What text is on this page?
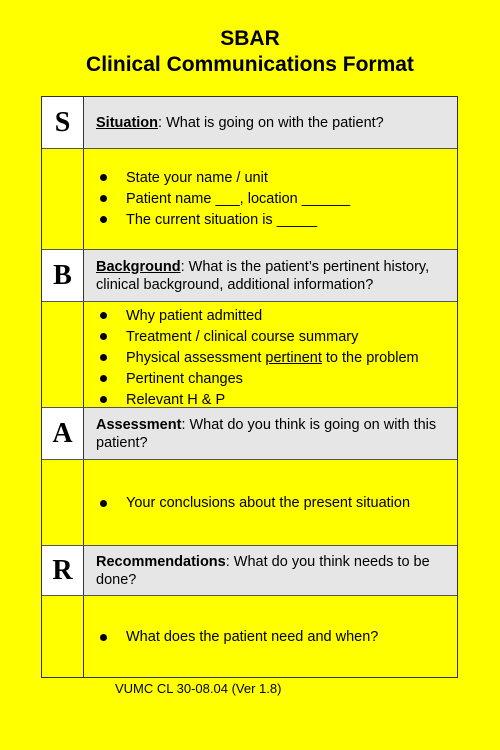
SBAR
Clinical Communications Format
S	Situation: What is going on with the patient?
State your name / unit
Patient name ___, location ______
The current situation is _____
B	Background: What is the patient’s pertinent history, clinical background, additional information?
Why patient admitted
Treatment / clinical course summary
Physical assessment pertinent to the problem
Pertinent changes
Relevant H & P
A	Assessment: What do you think is going on with this patient?
Your conclusions about the present situation
R	Recommendations: What do you think needs to be done?
What does the patient need and when?
VUMC CL 30-08.04 (Ver 1.8)
